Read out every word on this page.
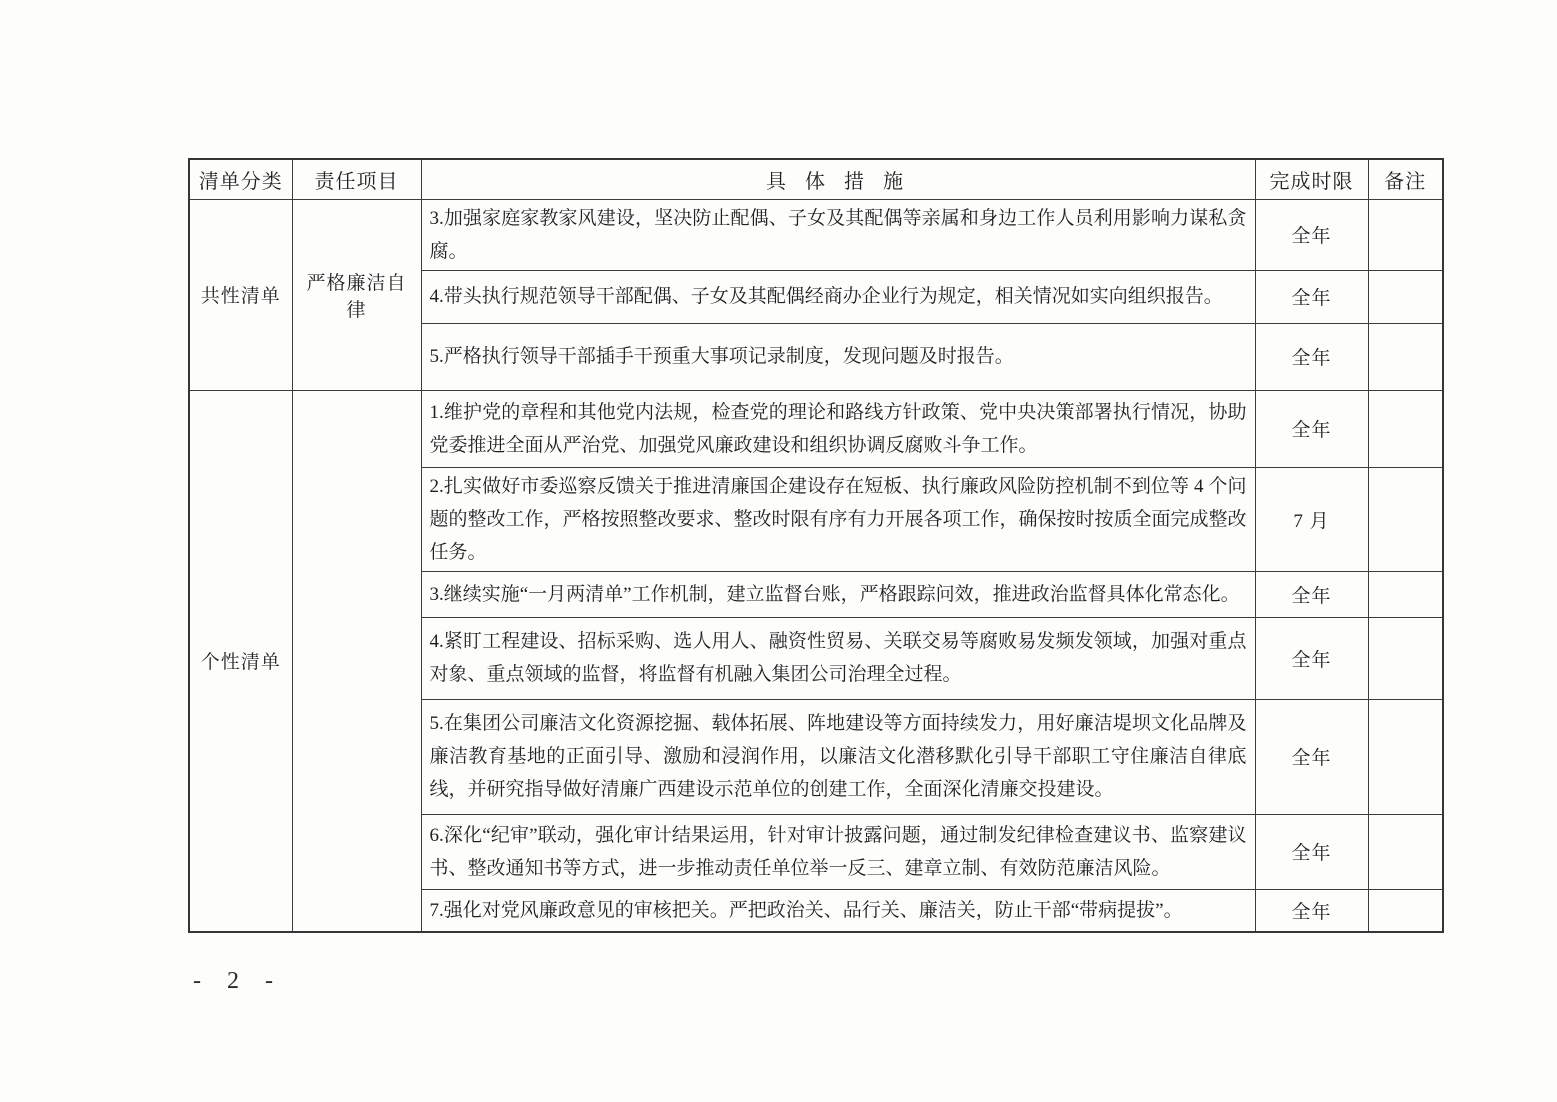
清单分类	责任项目	具 体 措 施	完成时限	备注
共性清单	严格廉洁自律	3.加强家庭家教家风建设，坚决防止配偶、子女及其配偶等亲属和身边工作人员利用影响力谋私贪腐。	全年	
		4.带头执行规范领导干部配偶、子女及其配偶经商办企业行为规定，相关情况如实向组织报告。	全年	
		5.严格执行领导干部插手干预重大事项记录制度，发现问题及时报告。	全年	
个性清单		1.维护党的章程和其他党内法规，检查党的理论和路线方针政策、党中央决策部署执行情况，协助党委推进全面从严治党、加强党风廉政建设和组织协调反腐败斗争工作。	全年	
		2.扎实做好市委巡察反馈关于推进清廉国企建设存在短板、执行廉政风险防控机制不到位等 4 个问题的整改工作，严格按照整改要求、整改时限有序有力开展各项工作，确保按时按质全面完成整改任务。	7 月	
		3.继续实施“一月两清单”工作机制，建立监督台账，严格跟踪问效，推进政治监督具体化常态化。	全年	
		4.紧盯工程建设、招标采购、选人用人、融资性贸易、关联交易等腐败易发频发领域，加强对重点对象、重点领域的监督，将监督有机融入集团公司治理全过程。	全年	
		5.在集团公司廉洁文化资源挖掘、载体拓展、阵地建设等方面持续发力，用好廉洁堤坝文化品牌及廉洁教育基地的正面引导、激励和浸润作用，以廉洁文化潜移默化引导干部职工守住廉洁自律底线，并研究指导做好清廉广西建设示范单位的创建工作，全面深化清廉交投建设。	全年	
		6.深化“纪审”联动，强化审计结果运用，针对审计披露问题，通过制发纪律检查建议书、监察建议书、整改通知书等方式，进一步推动责任单位举一反三、建章立制、有效防范廉洁风险。	全年	
		7.强化对党风廉政意见的审核把关。严把政治关、品行关、廉洁关，防止干部“带病提拔”。	全年	
- 2 -
